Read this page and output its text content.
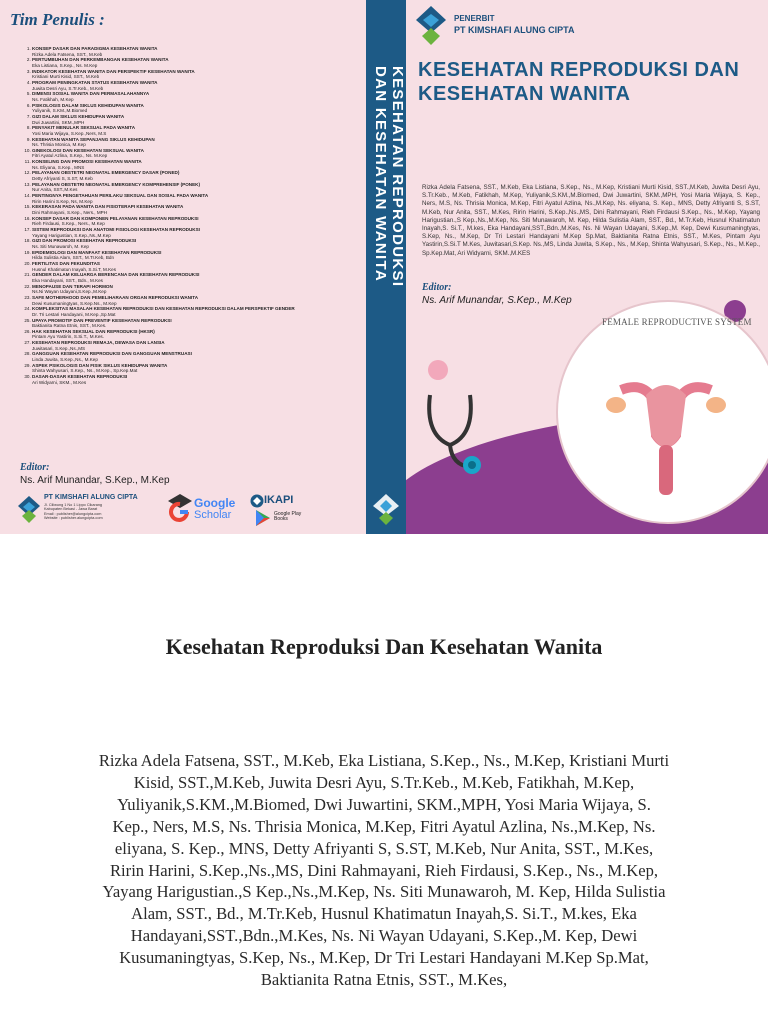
Tim Penulis :
1. KONSEP DASAR DAN PARADIGMA KESEHATAN WANITA
Rizka Adela Fatsena, SST., M.Keb
2. PERTUMBUHAN DAN PERKEMBANGAN KESEHATAN WANITA
Eka Listiana, S.Kep., Ns. M.Kep
3. INDIKATOR KESEHATAN WANITA DAN PERSPEKTIF KESEHATAN WANITA
Kristiani Murti Kisid, SST., M.Keb
4. PROGRAM PENINGKATAN STATUS KESEHATAN WANITA
Juwita Desri Ayu, S.Tr.Keb., M.Keb
5. DIMENSI SOSIAL WANITA DAN PERMASALAHANNYA
Ns. Fatikhah, M.Kep
6. PSIKOLOGIS DALAM SIKLUS KEHIDUPAN WANITA
Yuliyanik, S.KM.,M.Biomed
7. GIZI DALAM SIKLUS KEHIDUPAN WANITA
Dwi Juwartini, SKM.,MPH
8. PENYAKIT MENULAR SEKSUAL PADA WANITA
Yosi Maria Wijaya, S.Kep.,Ners, M.S
9. KESEHATAN WANITA SEPANJANG SIKLUS KEHIDUPAN
Ns. Thrisia Monica, M.Kep
10. GINEKOLOGI DAN KESEHATAN SEKSUAL WANITA
Fitri Ayatul Azlina, S.Kep., Ns. M.Kep
11. KONSELING DAN PROMOSI KESEHATAN WANITA
Ns. Eliyana, S.Kep., MNS
12. PELAYANAN OBSTETRI NEONATAL EMERGENCY DASAR (PONED)
Detty Afriyanti S, S.ST, M.Keb
13. PELAYANAN OBSTETRI NEONATAL EMERGENCY KOMPREHENSIF (PONEK)
Nur Anita, SST.,M.Kes
14. PENTINGNYA PENGETAHUAN PERILAKU SEKSUAL DAN SOSIAL PADA WANITA
Ririn Harini S.Kep, Ns, M.Kep
15. KEKERASAN PADA WANITA DAN FISIOTERAPI KESEHATAN WANITA
Dini Rahmayani, S.Kep., Ners., MPH
16. KONSEP DASAR DAN KOMPONEN PELAYANAN KESEHATAN REPRODUKSI
Rieh Firdausi, S.Kep., Ners., M.Kep
17. SISTEM REPRODUKSI DAN ANATOMI FISIOLOGI KESEHATAN REPRODUKSI
Yayang Harigustian, S.Kep.,Ns.,M.Kep
18. GIZI DAN PROMOSI KESEHATAN REPRODUKSI
Ns. Siti Munawaroh, M. Kep
19. EPIDEMIOLOGI DAN MANFAAT KESEHATAN REPRODUKSI
Hilda Sulistia Alam, SST., M.Tr.Keb, Bdn
20. FERTILITAS DAN FEKUNDITAS
Husnul Khatimatun Inayah, S.Si.T, M.Kes
21. GENDER DALAM KELUARGA BERENCANA DAN KESEHATAN REPRODUKSI
Eka Handayani, SST., Bdn., M.Kes
22. MENOPAUSE DAN TERAPI HORMON
Ns.Ni Wayan Udayani,S.Kep.,M.Kep
23. SAFE MOTHERHOOD DAN PEMELIHARAAN ORGAN REPRODUKSI WANITA
Dewi Kusumaningtyas, S.Kep.Ns., M.Kep
24. KOMPLEKSITAS MASALAH KESEHATAN REPRODUKSI DAN KESEHATAN REPRODUKSI DALAM PERSPEKTIF GENDER
Dr. Tri Lestari Handayani, M.Kep.,Sp.Mat
25. UPAYA PROMOTIF DAN PREVENTIF KESEHATAN REPRODUKSI
Baktianita Ratna Etnis, SST., M.Kes.
26. HAK KESEHATAN SEKSUAL DAN REPRODUKSI (HKSR)
Pintam Ayu Yastirin, S.Si.T., M.Kes.
27. KESEHATAN REPRODUKSI REMAJA, DEWASA DAN LANSIA
Juwitasari, S.Kep.,Ns.,MS
28. GANGGUAN KESEHATAN REPRODUKSI DAN GANGGUAN MENSTRUASI
Linda Juwita, S.Kep.,Ns., M.Kep
29. ASPEK PSIKOLOGIS DAN FISIK SIKLUS KEHIDUPAN WANITA
Shinta Wahyusari, S.Kep., Ns., M.Kep., Sp.Kep.Mat
30. DASAR-DASAR KESEHATAN REPRODUKSI
Ari Widyarni, SKM., M.Kes
Editor:
Ns. Arif Munandar, S.Kep., M.Kep
PT KIMSHAFI ALUNG CIPTA
Jl. Ciliwung 1 No 1 Lippo Cikarang
Kabupaten Bekasi - Jawa Barat
Email : publisher@alungcipta.com
Website : publisher.alungcipta.com
Google
Scholar
IKAPI
Google Play
Books
KESEHATAN REPRODUKSI
DAN KESEHATAN WANITA
PENERBIT
PT KIMSHAFI ALUNG CIPTA
KESEHATAN REPRODUKSI DAN KESEHATAN WANITA
Rizka Adela Fatsena, SST., M.Keb, Eka Listiana, S.Kep., Ns., M.Kep, Kristiani Murti Kisid, SST.,M.Keb, Juwita Desri Ayu, S.Tr.Keb., M.Keb, Fatikhah, M.Kep, Yuliyanik,S.KM.,M.Biomed, Dwi Juwartini, SKM.,MPH, Yosi Maria Wijaya, S. Kep., Ners, M.S, Ns. Thrisia Monica, M.Kep, Fitri Ayatul Azlina, Ns.,M.Kep, Ns. eliyana, S. Kep., MNS, Detty Afriyanti S, S.ST, M.Keb, Nur Anita, SST., M.Kes, Ririn Harini, S.Kep.,Ns.,MS, Dini Rahmayani, Rieh Firdausi S.Kep., Ns., M.Kep, Yayang Harigustian.,S Kep.,Ns.,M.Kep, Ns. Siti Munawaroh, M. Kep, Hilda Sulistia Alam, SST., Bd., M.Tr.Keb, Husnul Khatimatun Inayah,S. Si.T., M.kes, Eka Handayani,SST.,Bdn.,M.Kes, Ns. Ni Wayan Udayani, S.Kep.,M. Kep, Dewi Kusumaningtyas, S.Kep, Ns., M.Kep, Dr Tri Lestari Handayani M.Kep Sp.Mat, Baktianita Ratna Etnis, SST., M.Kes, Pintam Ayu Yastirin,S.Si.T M.Kes, Juwitasari,S.Kep. Ns.,MS, Linda Juwita, S.Kep., Ns., M.Kep, Shinta Wahyusari, S.Kep., Ns., M.Kep., Sp.Kep.Mat, Ari Widyarni, SKM.,M.KES
Editor:
Ns. Arif Munandar, S.Kep., M.Kep
FEMALE REPRODUCTIVE SYSTEM
Kesehatan Reproduksi Dan Kesehatan Wanita
Rizka Adela Fatsena, SST., M.Keb, Eka Listiana, S.Kep., Ns., M.Kep, Kristiani Murti Kisid, SST.,M.Keb, Juwita Desri Ayu, S.Tr.Keb., M.Keb, Fatikhah, M.Kep, Yuliyanik,S.KM.,M.Biomed, Dwi Juwartini, SKM.,MPH, Yosi Maria Wijaya, S. Kep., Ners, M.S, Ns. Thrisia Monica, M.Kep, Fitri Ayatul Azlina, Ns.,M.Kep, Ns. eliyana, S. Kep., MNS, Detty Afriyanti S, S.ST, M.Keb, Nur Anita, SST., M.Kes, Ririn Harini, S.Kep.,Ns.,MS, Dini Rahmayani, Rieh Firdausi, S.Kep., Ns., M.Kep, Yayang Harigustian.,S Kep.,Ns.,M.Kep, Ns. Siti Munawaroh, M. Kep, Hilda Sulistia Alam, SST., Bd., M.Tr.Keb, Husnul Khatimatun Inayah,S. Si.T., M.kes, Eka Handayani,SST.,Bdn.,M.Kes, Ns. Ni Wayan Udayani, S.Kep.,M. Kep, Dewi Kusumaningtyas, S.Kep, Ns., M.Kep, Dr Tri Lestari Handayani M.Kep Sp.Mat, Baktianita Ratna Etnis, SST., M.Kes,
